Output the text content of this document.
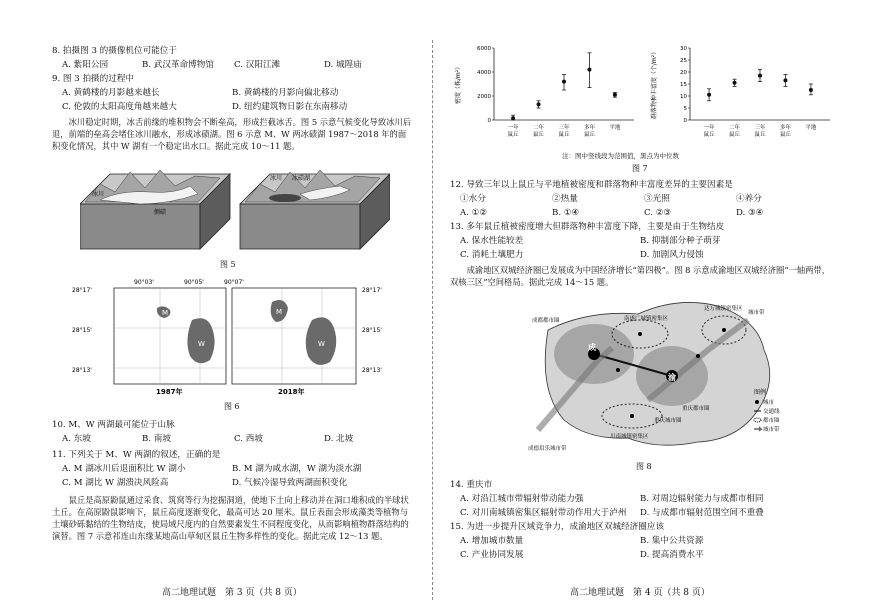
8. 拍摄图 3 的摄像机位可能位于
A. 紫阳公园	B. 武汉革命博物馆	C. 汉阳江滩	D. 城隍庙
9. 图 3 拍摄的过程中
A. 黄鹤楼的月影越来越长	B. 黄鹤楼的月影向偏北移动
C. 伦敦的太阳高度角越来越大	D. 纽约建筑物日影在东南移动
冰川稳定时期，冰舌前缘的堆积物会不断垒高，形成拦截冰舌。图 5 示意气候变化导致冰川后退，前端的垒高会堵住冰川融水，形成冰碛湖。图 6 示意 M、W 两冰碛湖 1987～2018 年的面积变化情况，其中 W 湖有一个稳定出水口。据此完成 10～11 题。
冰川
侧碛
冰川 冰碛湖
图 5
90°03'	90°05'	90°07'
28°17'
28°15'
28°13'
28°17'
28°15'
28°13'
M
W
M
W
1987年	2018年
图 6
10. M、W 两湖最可能位于山脉
A. 东坡	B. 南坡	C. 西坡	D. 北坡
11. 下列关于 M、W 两湖的叙述，正确的是
A. M 湖冰川后退面积比 W 湖小	B. M 湖为咸水湖，W 湖为淡水湖
C. M 湖比 W 湖溃决风险高	D. 气候冷湿导致两湖面积变化
鼠丘是高原鼢鼠通过采食、筑窝等行为挖掘洞道，使地下土向上移动并在洞口堆积成的半球状土丘。在高原鼢鼠影响下，鼠丘高度逐渐变化，最高可达 20 厘米。鼠丘表面会形成藻类等植物与土壤砂砾黏结的生物结皮，使局域尺度内的自然要素发生不同程度变化，从而影响植物群落结构的演替。图 7 示意祁连山东缘某地高山草甸区鼠丘生物多样性的变化。据此完成 12～13 题。
高二地理试题　第 3 页（共 8 页）
密度（株/m²）
0
2000
4000
6000
一年
鼠丘
二年
鼠丘
三年
鼠丘
多年
鼠丘
平地
群落物种丰富度（个/m²）
0
5
10
15
20
25
30
一年
鼠丘
二年
鼠丘
三年
鼠丘
多年
鼠丘
平地
注：图中竖线段为范围值，黑点为中位数
图 7
12. 导致三年以上鼠丘与平地植被密度和群落物种丰富度差异的主要因素是
①水分	②热量	③光照	④养分
A. ①②	B. ①④	C. ②③	D. ③④
13. 多年鼠丘植被密度增大但群落物种丰富度下降，主要是由于生物结皮
A. 保水性能较差	B. 抑制部分种子萌芽
C. 消耗土壤肥力	D. 加剧风力侵蚀
成渝地区双城经济圈已发展成为中国经济增长“第四极”。图 8 示意成渝地区双城经济圈“一轴两带，双核三区”空间格局。据此完成 14～15 题。
成
渝
成都都市圈	南遂广城镇密集区
达万城镇密集区
城市带
川南城镇密集区
重庆都市圈
重庆城市圈
成德眉乐城市带
图例
城市
交通线
都市圈
城市带
图 8
14. 重庆市
A. 对沿江城市带辐射带动能力强	B. 对周边辐射能力与成都市相同
C. 对川南城镇密集区辐射带动作用大于泸州	D. 与成都市辐射范围空间不重叠
15. 为进一步提升区域竞争力，成渝地区双城经济圈应该
A. 增加城市数量	B. 集中公共资源
C. 产业协同发展	D. 提高消费水平
高二地理试题　第 4 页（共 8 页）
